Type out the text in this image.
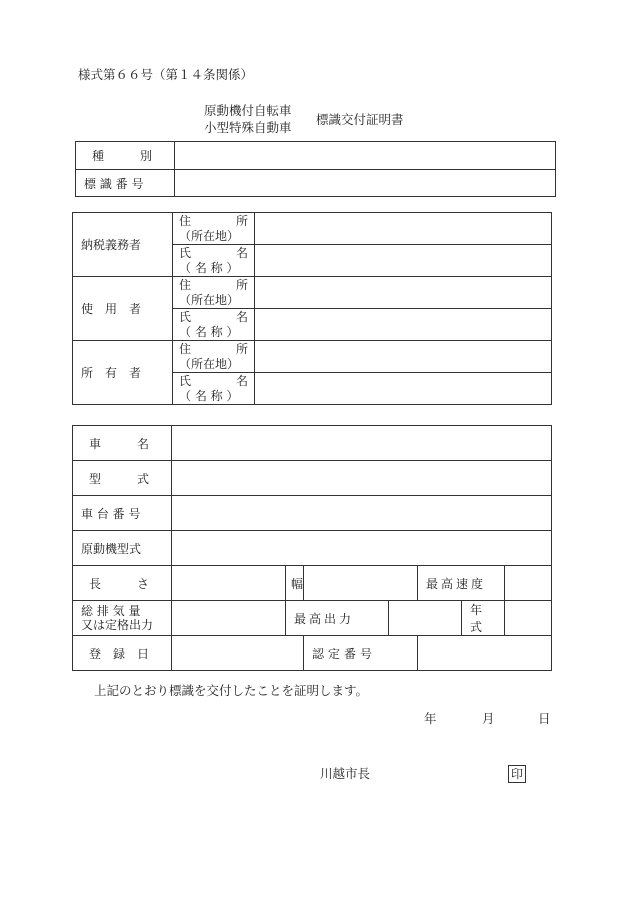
様式第６６号（第１４条関係）
原動機付自転車
小型特殊自動車
標識交付証明書
種　　　別	

標 識 番 号	
納税義務者	住 所
（所在地）	

	氏 名
（ 名 称 ）	

使　用　者	住 所
（所在地）	

	氏 名
（ 名 称 ）	

所　有　者	住 所
（所在地）	

	氏 名
（ 名 称 ）	

車　　　名							

型　　　式							

車 台 番 号							
原動機型式							

長　　　さ		幅			最高速度		

総 排 気 量
又は定格出力		最高出力				年式	

登　録　日			認定番号				
上記のとおり標識を交付したことを証明します。
年	月	日
川越市長	印
